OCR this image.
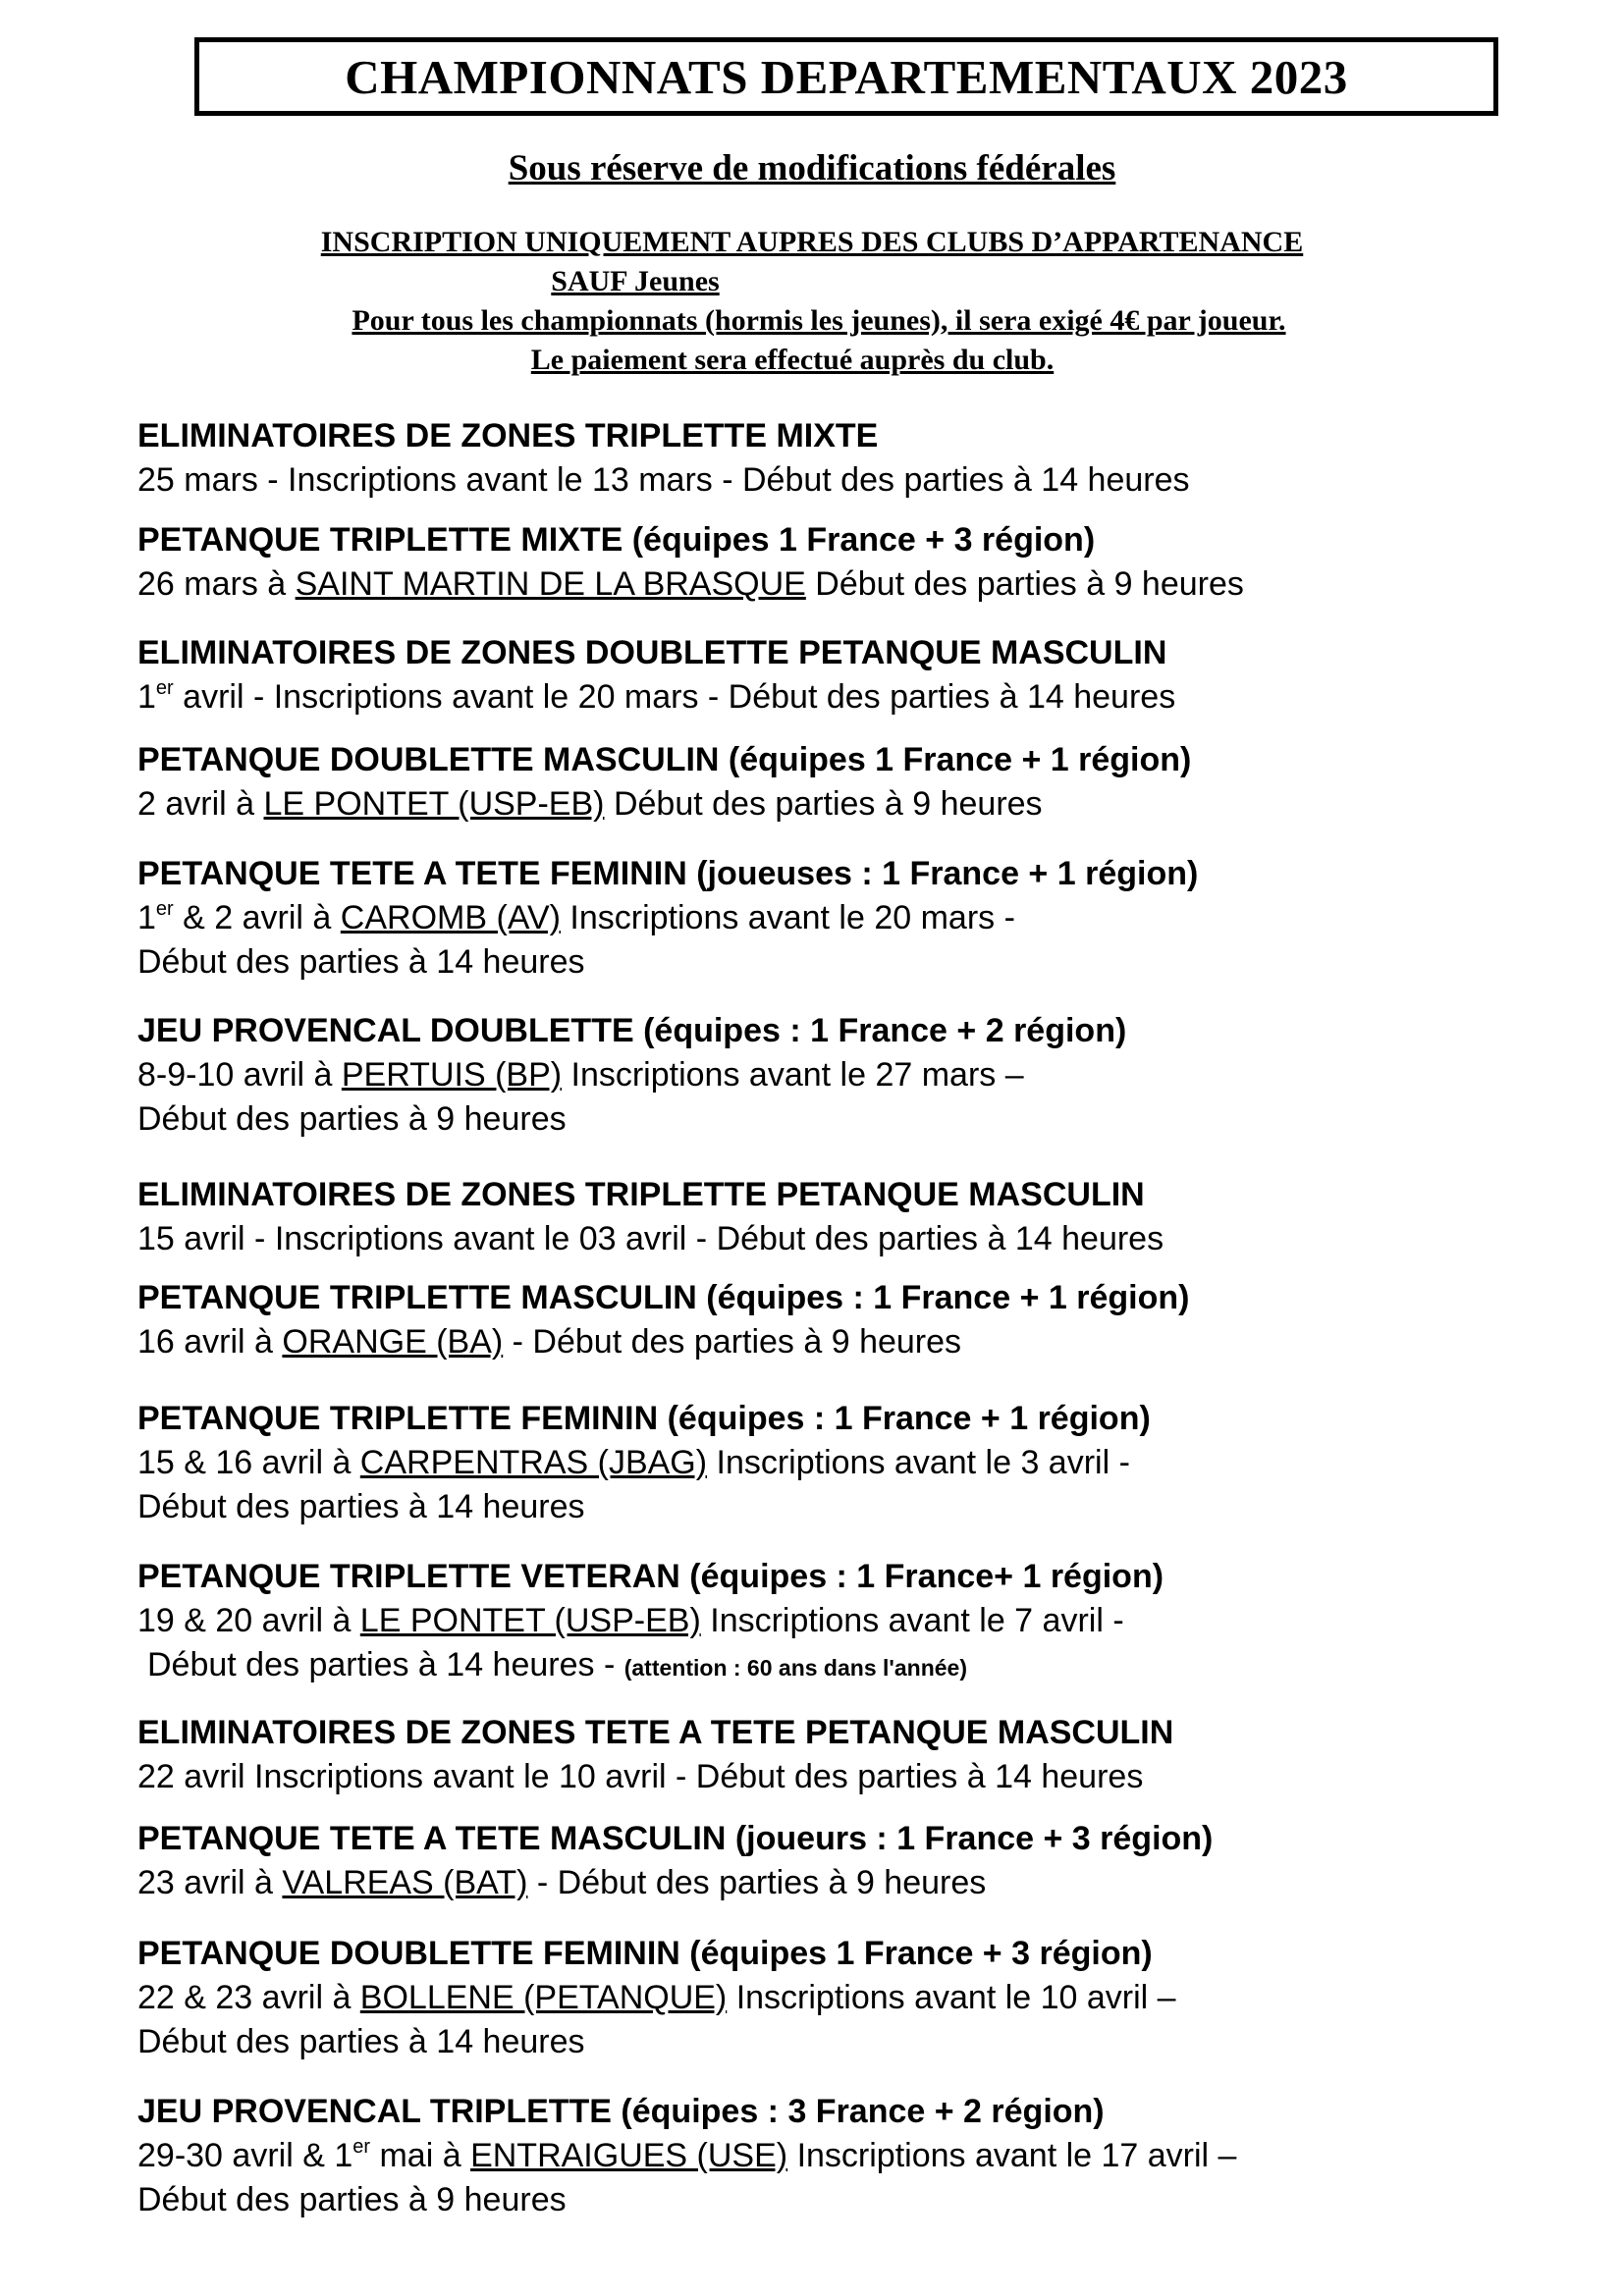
CHAMPIONNATS DEPARTEMENTAUX 2023
Sous réserve de modifications fédérales
INSCRIPTION UNIQUEMENT AUPRES DES CLUBS D’APPARTENANCE
SAUF Jeunes
Pour tous les championnats (hormis les jeunes), il sera exigé 4€ par joueur.
Le paiement sera effectué auprès du club.
ELIMINATOIRES DE ZONES TRIPLETTE MIXTE

25 mars - Inscriptions avant le 13 mars - Début des parties à 14 heures

PETANQUE TRIPLETTE MIXTE (équipes 1 France + 3 région)

26 mars à SAINT MARTIN DE LA BRASQUE Début des parties à 9 heures

ELIMINATOIRES DE ZONES DOUBLETTE PETANQUE MASCULIN

1er avril - Inscriptions avant le 20 mars - Début des parties à 14 heures

PETANQUE DOUBLETTE MASCULIN (équipes 1 France + 1 région)

2 avril à LE PONTET (USP-EB) Début des parties à 9 heures

PETANQUE TETE A TETE FEMININ (joueuses : 1 France + 1 région)

1er & 2 avril à CAROMB (AV) Inscriptions avant le 20 mars -

Début des parties à 14 heures

JEU PROVENCAL DOUBLETTE (équipes : 1 France + 2 région)

8-9-10 avril à PERTUIS (BP) Inscriptions avant le 27 mars –

Début des parties à 9 heures

ELIMINATOIRES DE ZONES TRIPLETTE PETANQUE MASCULIN

15 avril - Inscriptions avant le 03 avril - Début des parties à 14 heures

PETANQUE TRIPLETTE MASCULIN (équipes : 1 France + 1 région)

16 avril à ORANGE (BA) - Début des parties à 9 heures

PETANQUE TRIPLETTE FEMININ (équipes : 1 France + 1 région)

15 & 16 avril à CARPENTRAS (JBAG) Inscriptions avant le 3 avril -

Début des parties à 14 heures

PETANQUE TRIPLETTE VETERAN (équipes : 1 France+ 1 région)

19 & 20 avril à LE PONTET (USP-EB) Inscriptions avant le 7 avril -

Début des parties à 14 heures - (attention : 60 ans dans l'année)

ELIMINATOIRES DE ZONES TETE A TETE PETANQUE MASCULIN

22 avril Inscriptions avant le 10 avril - Début des parties à 14 heures

PETANQUE TETE A TETE MASCULIN (joueurs : 1 France + 3 région)

23 avril à VALREAS (BAT) - Début des parties à 9 heures

PETANQUE DOUBLETTE FEMININ (équipes 1 France + 3 région)

22 & 23 avril à BOLLENE (PETANQUE) Inscriptions avant le 10 avril –

Début des parties à 14 heures

JEU PROVENCAL TRIPLETTE (équipes : 3 France + 2 région)

29-30 avril & 1er mai à ENTRAIGUES (USE) Inscriptions avant le 17 avril –

Début des parties à 9 heures
